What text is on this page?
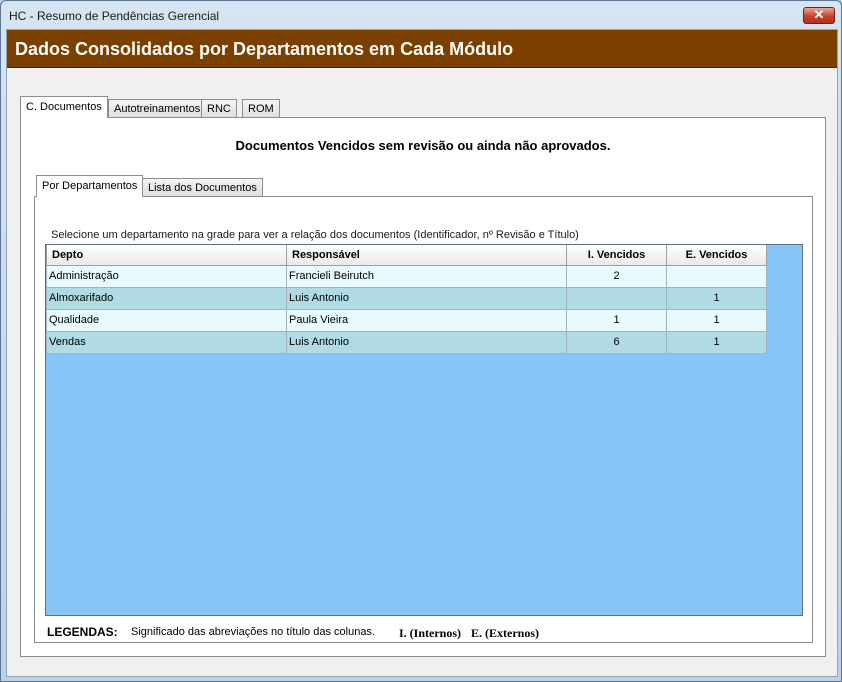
HC - Resumo de Pendências Gerencial	✕
Dados Consolidados por Departamentos em Cada Módulo
C. Documentos	Autotreinamentos RNC	ROM
Documentos Vencidos sem revisão ou ainda não aprovados.
Por Departamentos Lista dos Documentos
Selecione um departamento na grade para ver a relação dos documentos (Identificador, nº Revisão e Título)
Depto	Responsável	I. Vencidos	E. Vencidos
Administração	Francieli Beirutch	2	
Almoxarifado	Luis Antonio		1
Qualidade	Paula Vieira	1	1
Vendas	Luis Antonio	6	1
LEGENDAS: Significado das abreviações no título das colunas. I. (Internos) E. (Externos)
